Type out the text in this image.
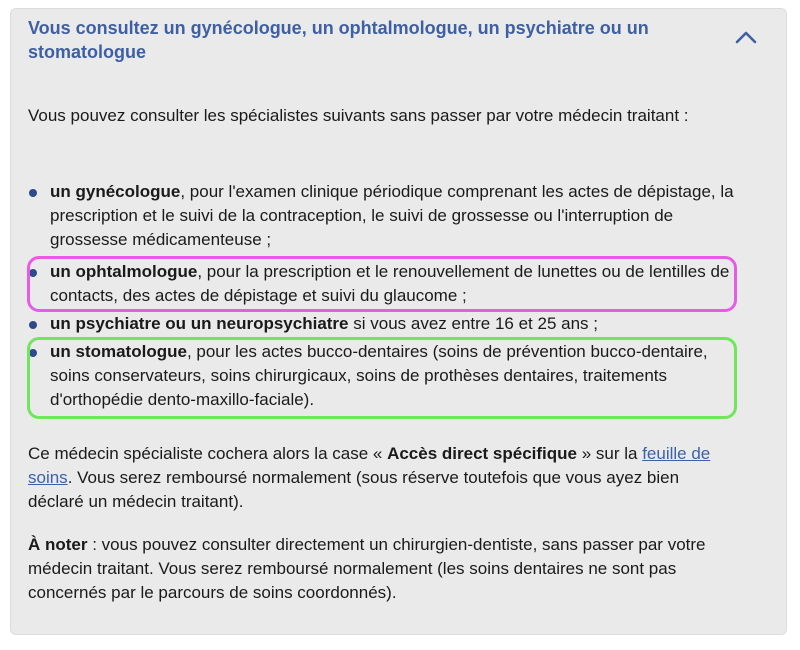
Vous consultez un gynécologue, un ophtalmologue, un psychiatre ou un stomatologue
Vous pouvez consulter les spécialistes suivants sans passer par votre médecin traitant :
un gynécologue, pour l'examen clinique périodique comprenant les actes de dépistage, la prescription et le suivi de la contraception, le suivi de grossesse ou l'interruption de grossesse médicamenteuse ;
un ophtalmologue, pour la prescription et le renouvellement de lunettes ou de lentilles de contacts, des actes de dépistage et suivi du glaucome ;
un psychiatre ou un neuropsychiatre si vous avez entre 16 et 25 ans ;
un stomatologue, pour les actes bucco-dentaires (soins de prévention bucco-dentaire, soins conservateurs, soins chirurgicaux, soins de prothèses dentaires, traitements d'orthopédie dento-maxillo-faciale).
Ce médecin spécialiste cochera alors la case « Accès direct spécifique » sur la feuille de soins. Vous serez remboursé normalement (sous réserve toutefois que vous ayez bien déclaré un médecin traitant).
À noter : vous pouvez consulter directement un chirurgien-dentiste, sans passer par votre médecin traitant. Vous serez remboursé normalement (les soins dentaires ne sont pas concernés par le parcours de soins coordonnés).
